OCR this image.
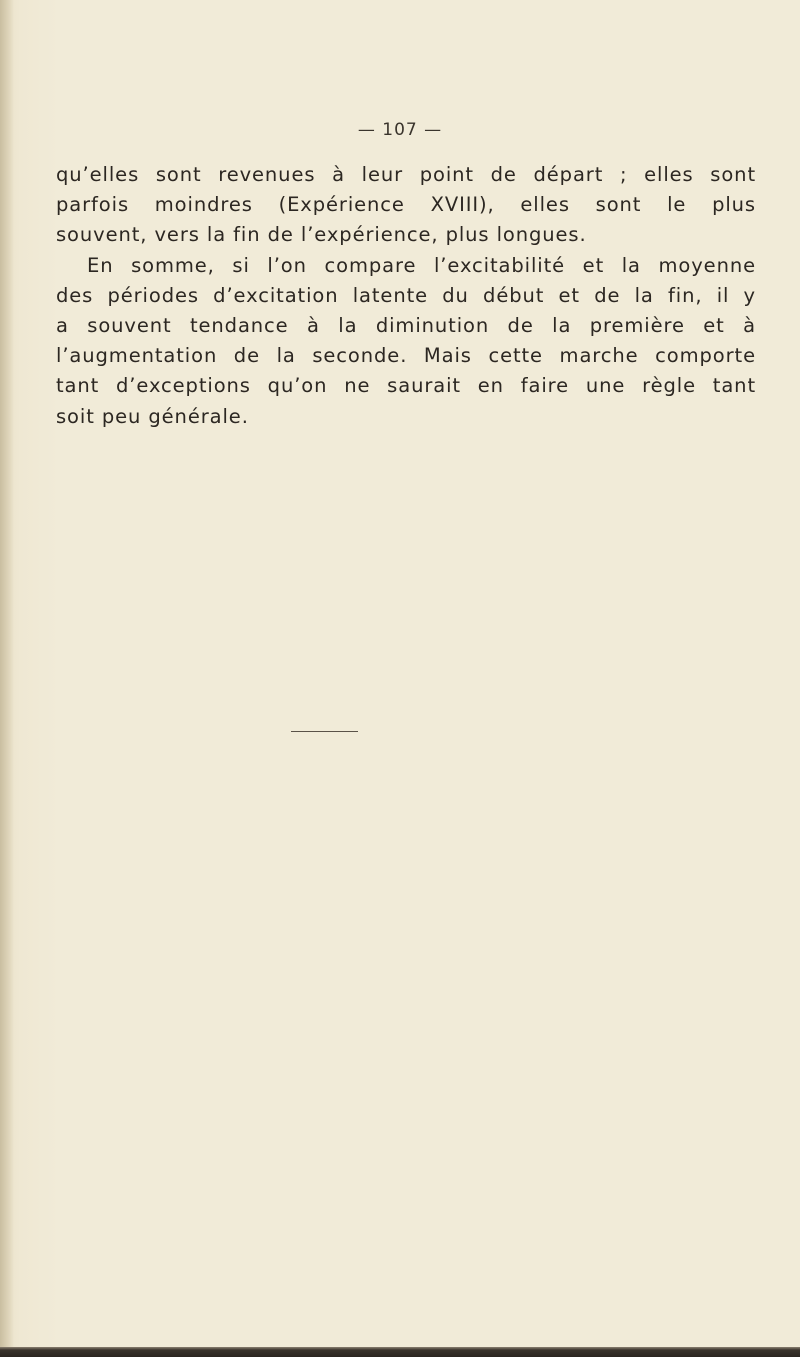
— 107 —
qu’elles sont revenues à leur point de départ ; elles sont
parfois moindres (Expérience XVIII), elles sont le plus
souvent, vers la fin de l’expérience, plus longues.
En somme, si l’on compare l’excitabilité et la moyenne
des périodes d’excitation latente du début et de la fin, il y
a souvent tendance à la diminution de la première et à
l’augmentation de la seconde. Mais cette marche comporte
tant d’exceptions qu’on ne saurait en faire une règle tant
soit peu générale.
